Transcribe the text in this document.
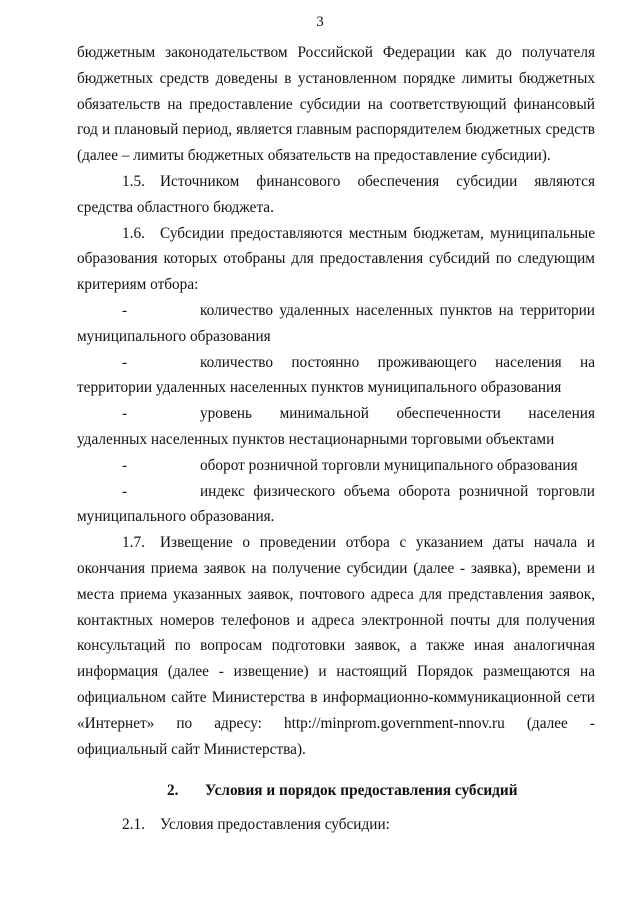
3

бюджетным законодательством Российской Федерации как до получателя бюджетных средств доведены в установленном порядке лимиты бюджетных обязательств на предоставление субсидии на соответствующий финансовый год и плановый период, является главным распорядителем бюджетных средств (далее – лимиты бюджетных обязательств на предоставление субсидии).

1.5. Источником финансового обеспечения субсидии являются средства областного бюджета.

1.6. Субсидии предоставляются местным бюджетам, муниципальные образования которых отобраны для предоставления субсидий по следующим критериям отбора:

-	количество удаленных населенных пунктов на территории муниципального образования

-	количество постоянно проживающего населения на территории удаленных населенных пунктов муниципального образования

-	уровень минимальной обеспеченности населения удаленных населенных пунктов нестационарными торговыми объектами

-	оборот розничной торговли муниципального образования

-	индекс физического объема оборота розничной торговли муниципального образования.

1.7. Извещение о проведении отбора с указанием даты начала и окончания приема заявок на получение субсидии (далее - заявка), времени и места приема указанных заявок, почтового адреса для представления заявок, контактных номеров телефонов и адреса электронной почты для получения консультаций по вопросам подготовки заявок, а также иная аналогичная информация (далее - извещение) и настоящий Порядок размещаются на официальном сайте Министерства в информационно-коммуникационной сети «Интернет» по адресу: http://minprom.government-nnov.ru (далее - официальный сайт Министерства).

2. Условия и порядок предоставления субсидий

2.1. Условия предоставления субсидии:
